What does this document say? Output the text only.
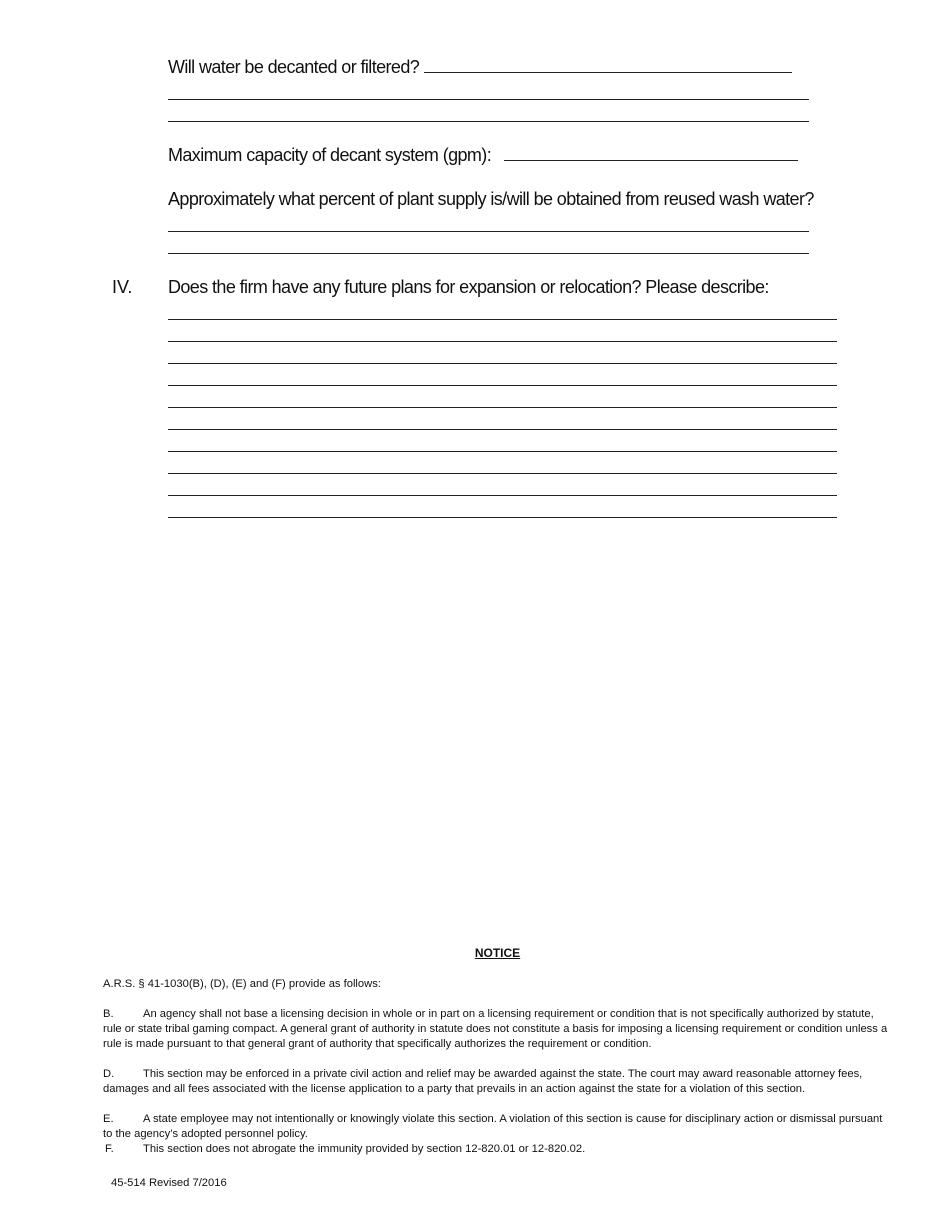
Will water be decanted or filtered?
Maximum capacity of decant system (gpm):
Approximately what percent of plant supply is/will be obtained from reused wash water?
IV. Does the firm have any future plans for expansion or relocation? Please describe:
NOTICE
A.R.S. § 41-1030(B), (D), (E) and (F) provide as follows:
B.	An agency shall not base a licensing decision in whole or in part on a licensing requirement or condition that is not specifically authorized by statute, rule or state tribal gaming compact. A general grant of authority in statute does not constitute a basis for imposing a licensing requirement or condition unless a rule is made pursuant to that general grant of authority that specifically authorizes the requirement or condition.
D.	This section may be enforced in a private civil action and relief may be awarded against the state. The court may award reasonable attorney fees, damages and all fees associated with the license application to a party that prevails in an action against the state for a violation of this section.
E.	A state employee may not intentionally or knowingly violate this section. A violation of this section is cause for disciplinary action or dismissal pursuant to the agency’s adopted personnel policy.
F.	This section does not abrogate the immunity provided by section 12-820.01 or 12-820.02.
45-514 Revised 7/2016
